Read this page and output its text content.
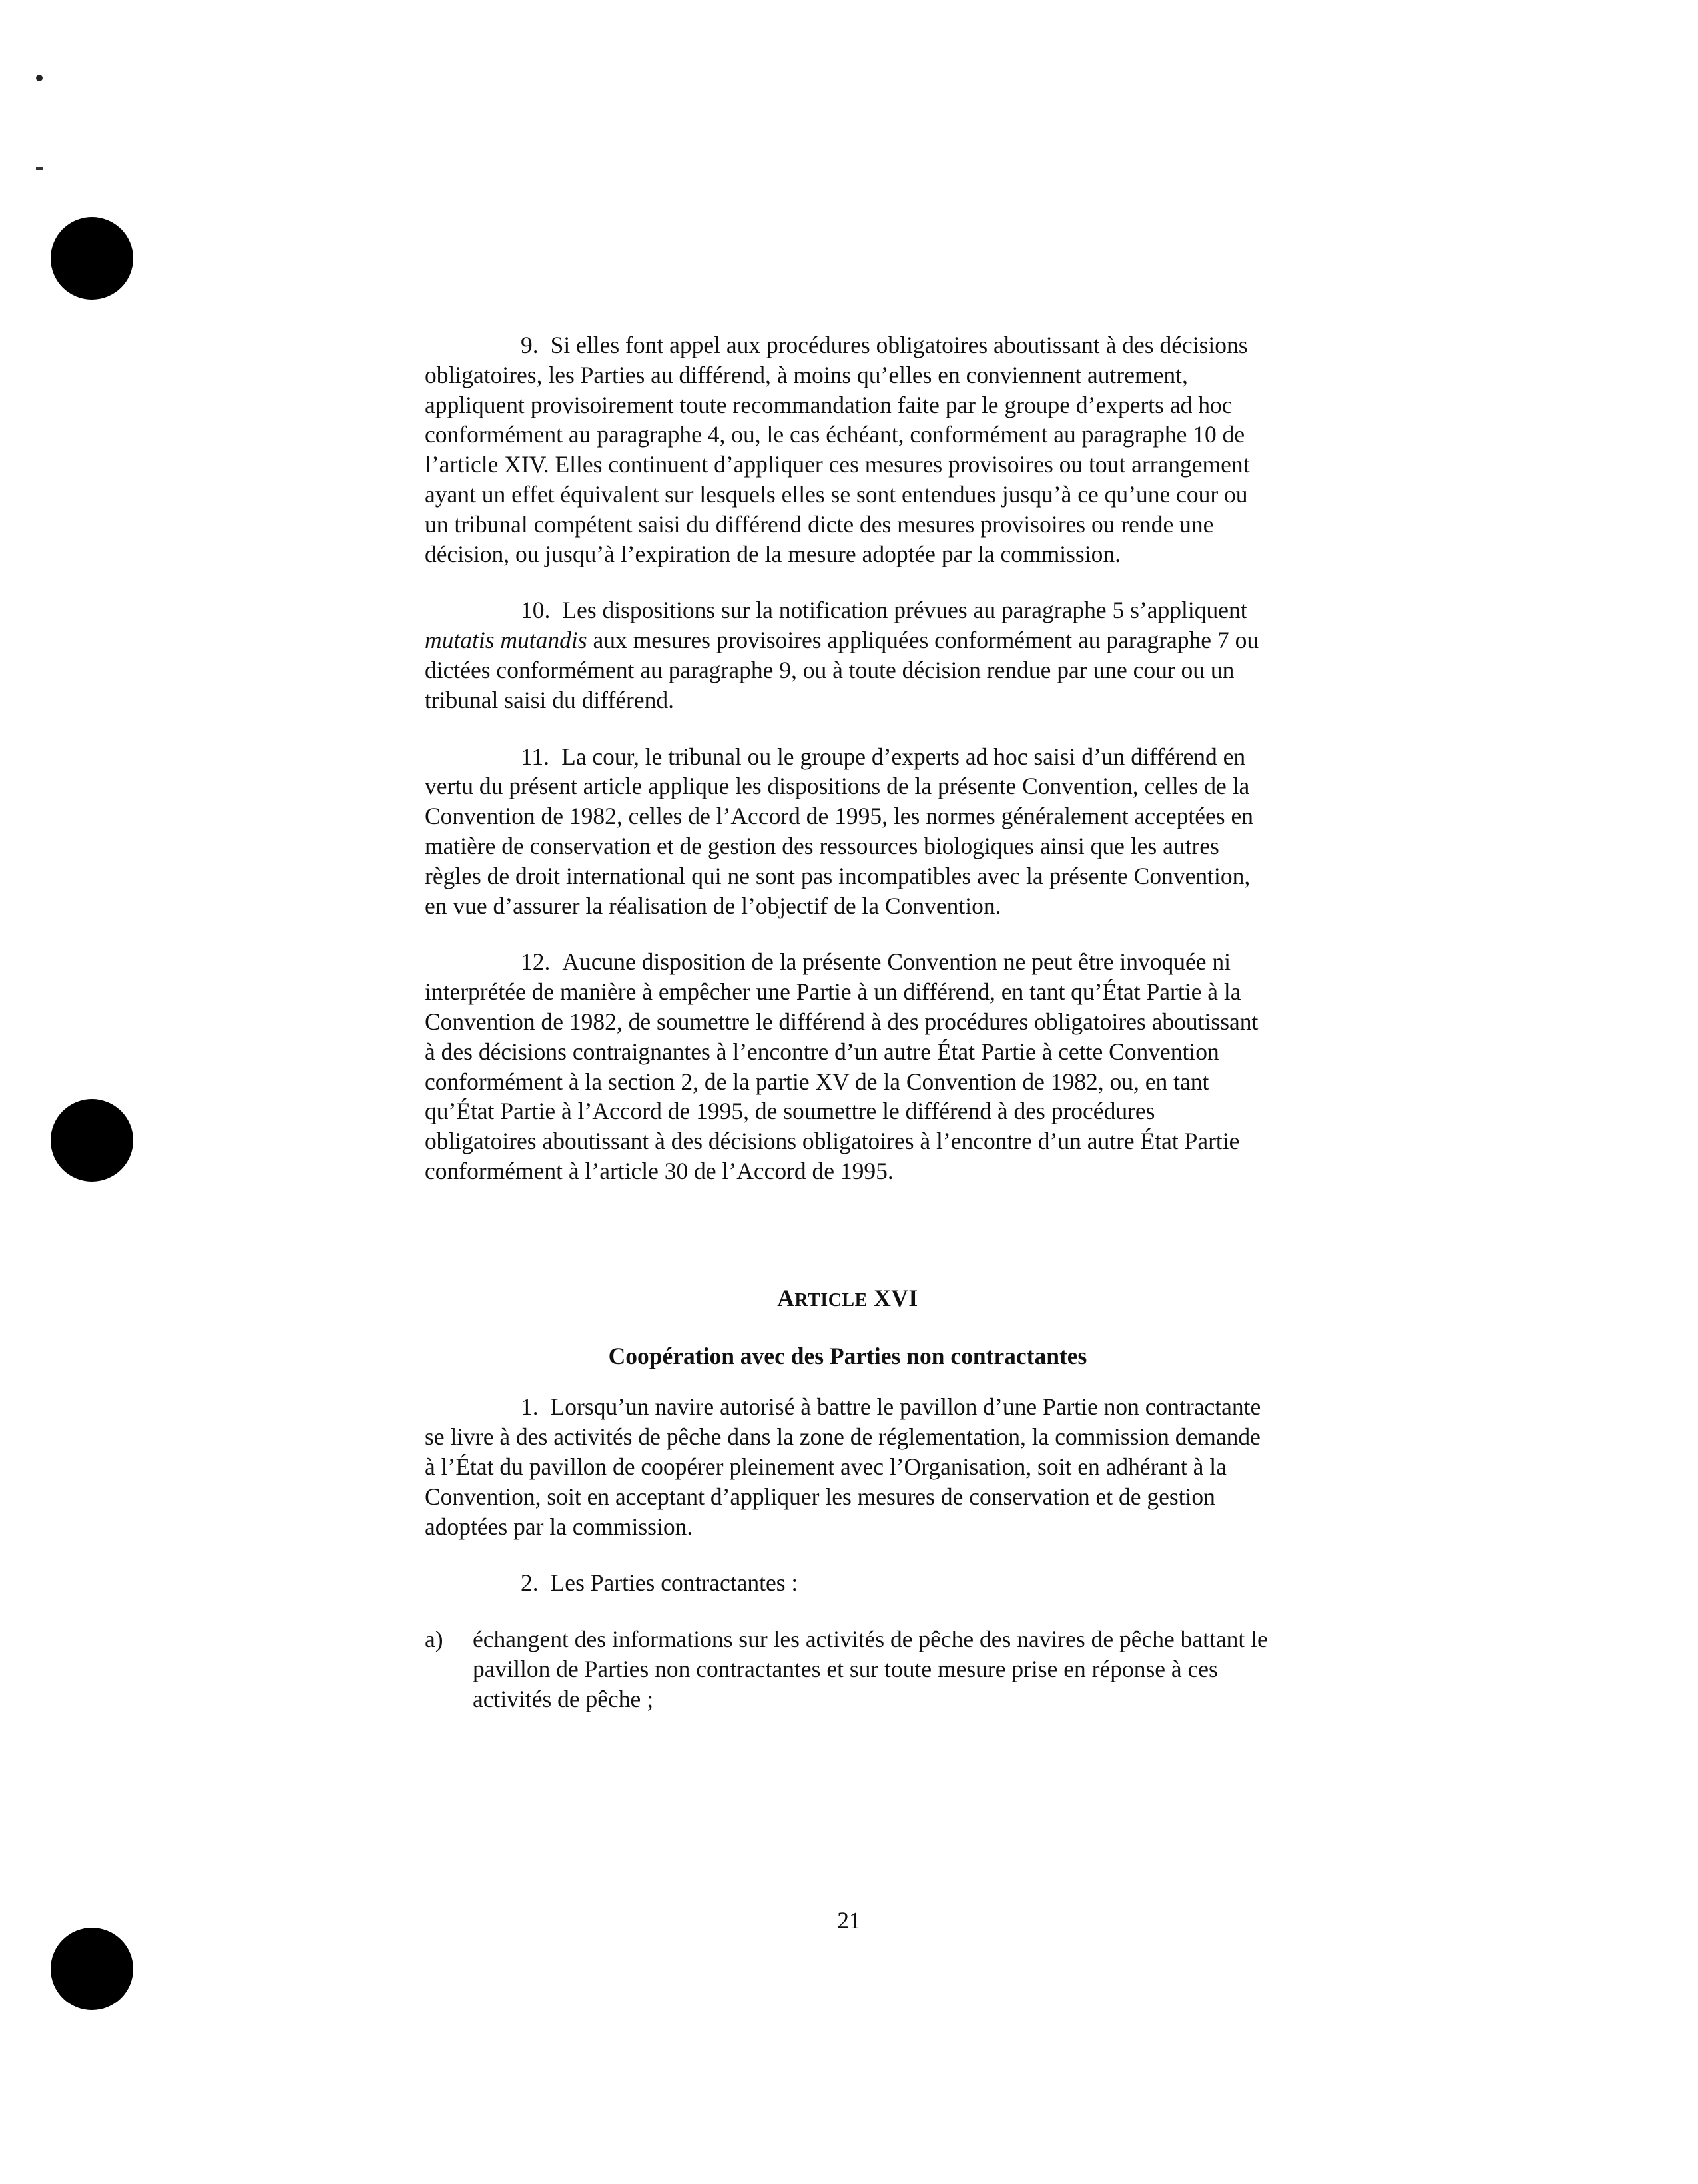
9. Si elles font appel aux procédures obligatoires aboutissant à des décisions obligatoires, les Parties au différend, à moins qu’elles en conviennent autrement, appliquent provisoirement toute recommandation faite par le groupe d’experts ad hoc conformément au paragraphe 4, ou, le cas échéant, conformément au paragraphe 10 de l’article XIV. Elles continuent d’appliquer ces mesures provisoires ou tout arrangement ayant un effet équivalent sur lesquels elles se sont entendues jusqu’à ce qu’une cour ou un tribunal compétent saisi du différend dicte des mesures provisoires ou rende une décision, ou jusqu’à l’expiration de la mesure adoptée par la commission.

10. Les dispositions sur la notification prévues au paragraphe 5 s’appliquent mutatis mutandis aux mesures provisoires appliquées conformément au paragraphe 7 ou dictées conformément au paragraphe 9, ou à toute décision rendue par une cour ou un tribunal saisi du différend.

11. La cour, le tribunal ou le groupe d’experts ad hoc saisi d’un différend en vertu du présent article applique les dispositions de la présente Convention, celles de la Convention de 1982, celles de l’Accord de 1995, les normes généralement acceptées en matière de conservation et de gestion des ressources biologiques ainsi que les autres règles de droit international qui ne sont pas incompatibles avec la présente Convention, en vue d’assurer la réalisation de l’objectif de la Convention.

12. Aucune disposition de la présente Convention ne peut être invoquée ni interprétée de manière à empêcher une Partie à un différend, en tant qu’État Partie à la Convention de 1982, de soumettre le différend à des procédures obligatoires aboutissant à des décisions contraignantes à l’encontre d’un autre État Partie à cette Convention conformément à la section 2, de la partie XV de la Convention de 1982, ou, en tant qu’État Partie à l’Accord de 1995, de soumettre le différend à des procédures obligatoires aboutissant à des décisions obligatoires à l’encontre d’un autre État Partie conformément à l’article 30 de l’Accord de 1995.

ARTICLE XVI
Coopération avec des Parties non contractantes

1. Lorsqu’un navire autorisé à battre le pavillon d’une Partie non contractante se livre à des activités de pêche dans la zone de réglementation, la commission demande à l’État du pavillon de coopérer pleinement avec l’Organisation, soit en adhérant à la Convention, soit en acceptant d’appliquer les mesures de conservation et de gestion adoptées par la commission.

2. Les Parties contractantes :

a)	échangent des informations sur les activités de pêche des navires de pêche battant le pavillon de Parties non contractantes et sur toute mesure prise en réponse à ces activités de pêche ;
21
